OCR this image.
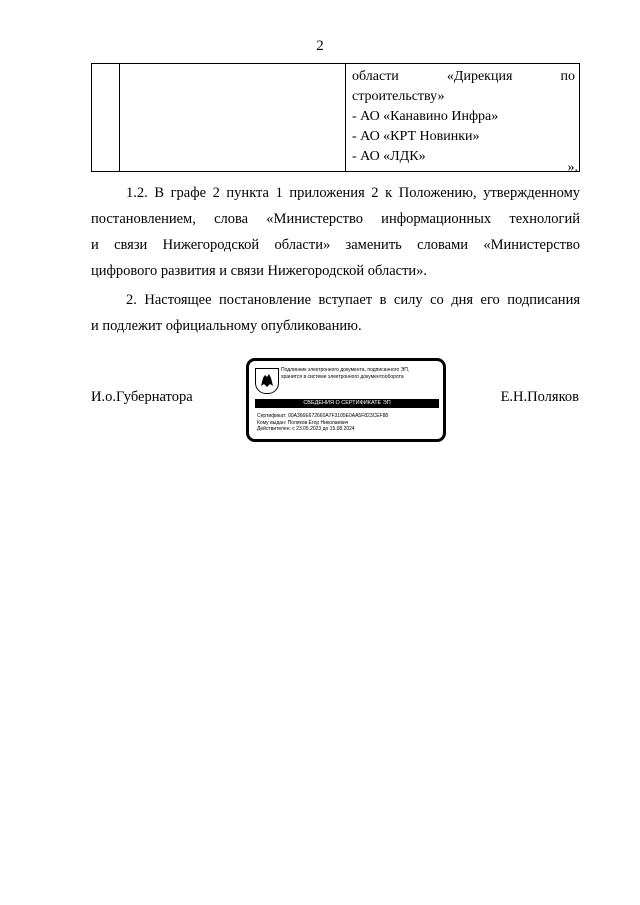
2

области	«Дирекция	по
строительству»
- АО «Канавино Инфра»
- АО «КРТ Новинки»
- АО «ЛДК»
».
1.2. В графе 2 пункта 1 приложения 2 к Положению, утвержденному
постановлением, слова «Министерство информационных технологий
и связи Нижегородской области» заменить словами «Министерство
цифрового развития и связи Нижегородской области».
2. Настоящее постановление вступает в силу со дня его подписания
и подлежит официальному опубликованию.
И.о.Губернатора
Подлинник электронного документа, подписанного ЭП,
хранится в системе электронного документооборота
СВЕДЕНИЯ О СЕРТИФИКАТЕ ЭП
Сертификат: 00A366E672660A7F3105E0AA5F823CEF88
Кому выдан: Поляков Егор Николаевич
Действителен: с 23.05.2023 до 15.08.2024
Е.Н.Поляков
